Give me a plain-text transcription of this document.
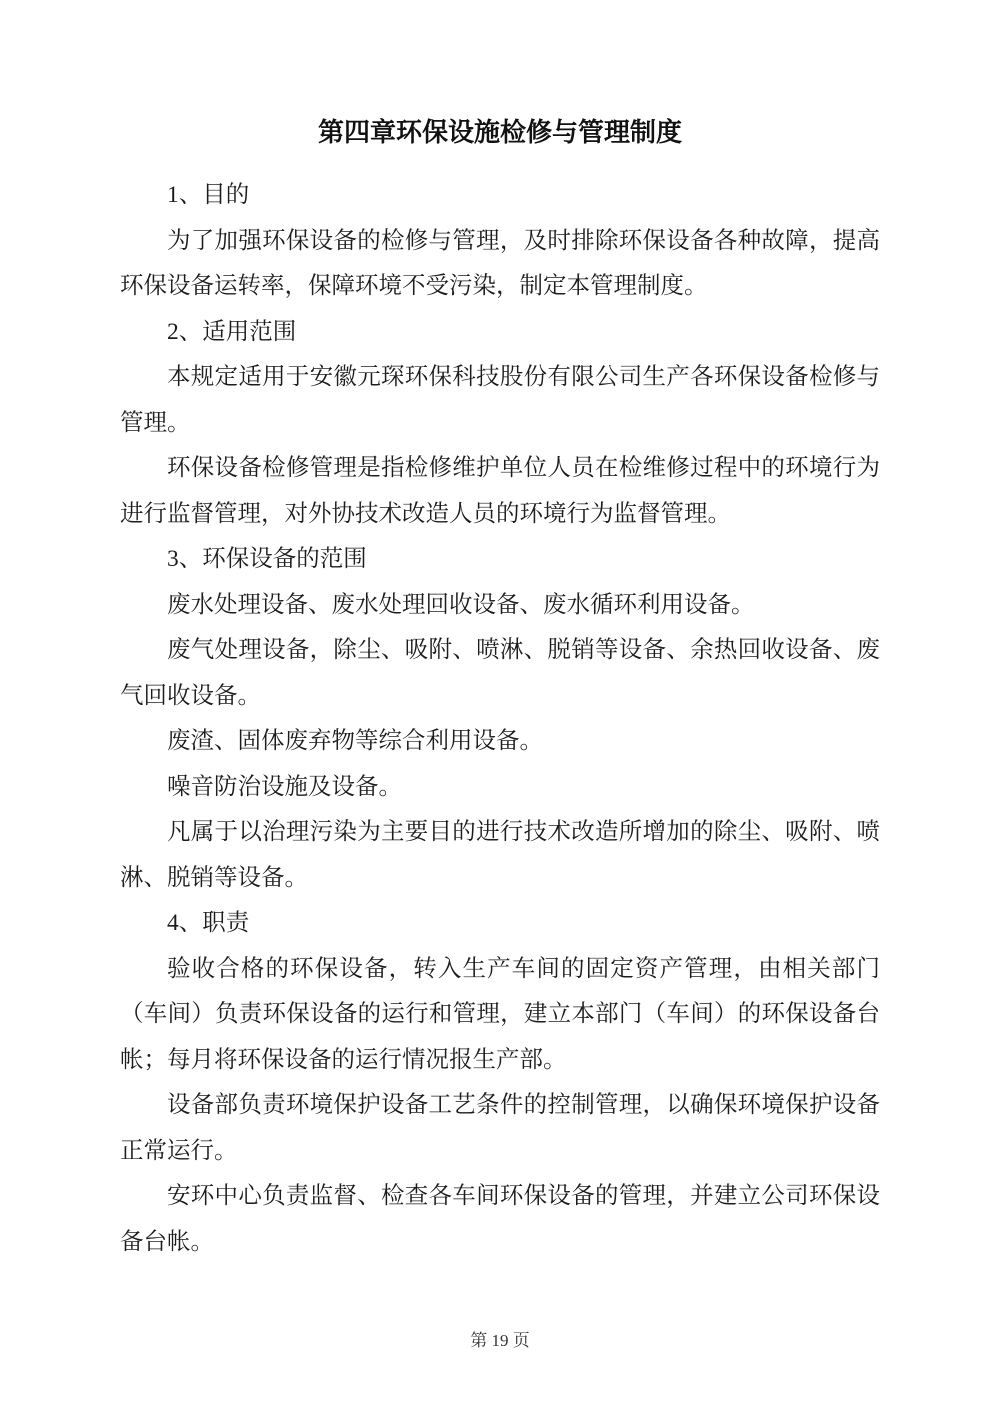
第四章环保设施检修与管理制度

1、目的

为了加强环保设备的检修与管理，及时排除环保设备各种故障，提高环保设备运转率，保障环境不受污染，制定本管理制度。

2、适用范围

本规定适用于安徽元琛环保科技股份有限公司生产各环保设备检修与管理。

环保设备检修管理是指检修维护单位人员在检维修过程中的环境行为进行监督管理，对外协技术改造人员的环境行为监督管理。

3、环保设备的范围

废水处理设备、废水处理回收设备、废水循环利用设备。

废气处理设备，除尘、吸附、喷淋、脱销等设备、余热回收设备、废气回收设备。

废渣、固体废弃物等综合利用设备。

噪音防治设施及设备。

凡属于以治理污染为主要目的进行技术改造所增加的除尘、吸附、喷淋、脱销等设备。

4、职责

验收合格的环保设备，转入生产车间的固定资产管理，由相关部门（车间）负责环保设备的运行和管理，建立本部门（车间）的环保设备台帐；每月将环保设备的运行情况报生产部。

设备部负责环境保护设备工艺条件的控制管理，以确保环境保护设备正常运行。

安环中心负责监督、检查各车间环保设备的管理，并建立公司环保设备台帐。

第 19 页
